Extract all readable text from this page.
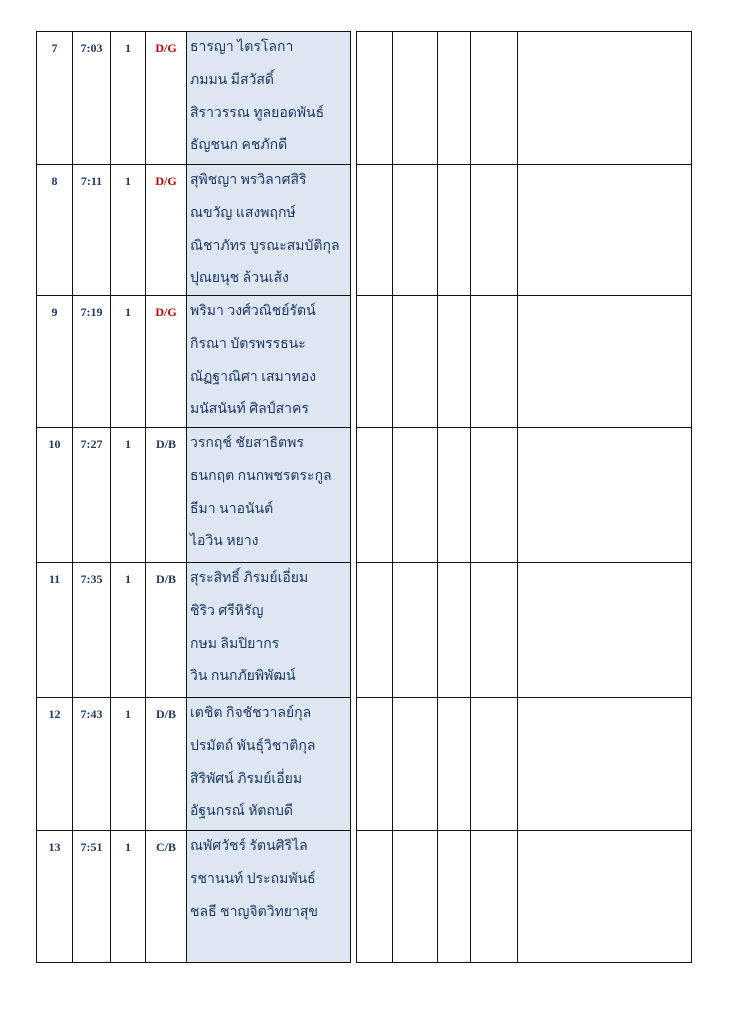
7	7:03	1	D/G ธารญา ไตรโลกา
ภมมน มีสวัสดิ์
สิราวรรณ ทูลยอดพันธ์
ธัญชนก คชภักดี
8	7:11	1	D/G สุพิชญา พรวิลาศสิริ
ณขวัญ แสงพฤกษ์
ณิชาภัทร บูรณะสมบัติกุล
ปุณยนุช ล้วนเส้ง
9	7:19	1	D/G พริมา วงศ์วณิชย์รัตน์
กิรณา บัตรพรรธนะ
ณัฏฐาณิศา เสมาทอง
มนัสนันท์ ศิลป์สาคร
10	7:27	1	D/B	วรกฤช์ ชัยสาธิตพร
ธนกฤต กนกพชรตระกูล
ธีมา นาอนันต์
ไอวิน หยาง
11	7:35	1	D/B	สุระสิทธิ์ ภิรมย์เอี่ยม
ชิริว ศรีหิรัญ
กษม ลิมปิยากร
วิน กนกภัยพิพัฒน์
12	7:43	1	D/B	เตชิต กิจชัชวาลย์กุล
ปรมัตถ์ พันธุ์วิชาติกุล
สิริพัศน์ ภิรมย์เอี่ยม
อัฐนกรณ์ หัตถบดี
13	7:51	1	C/B	ณพัศวัชร์ รัตนศิริไล
รชานนท์ ประถมพันธ์
ชลธี ชาญจิตวิทยาสุข
